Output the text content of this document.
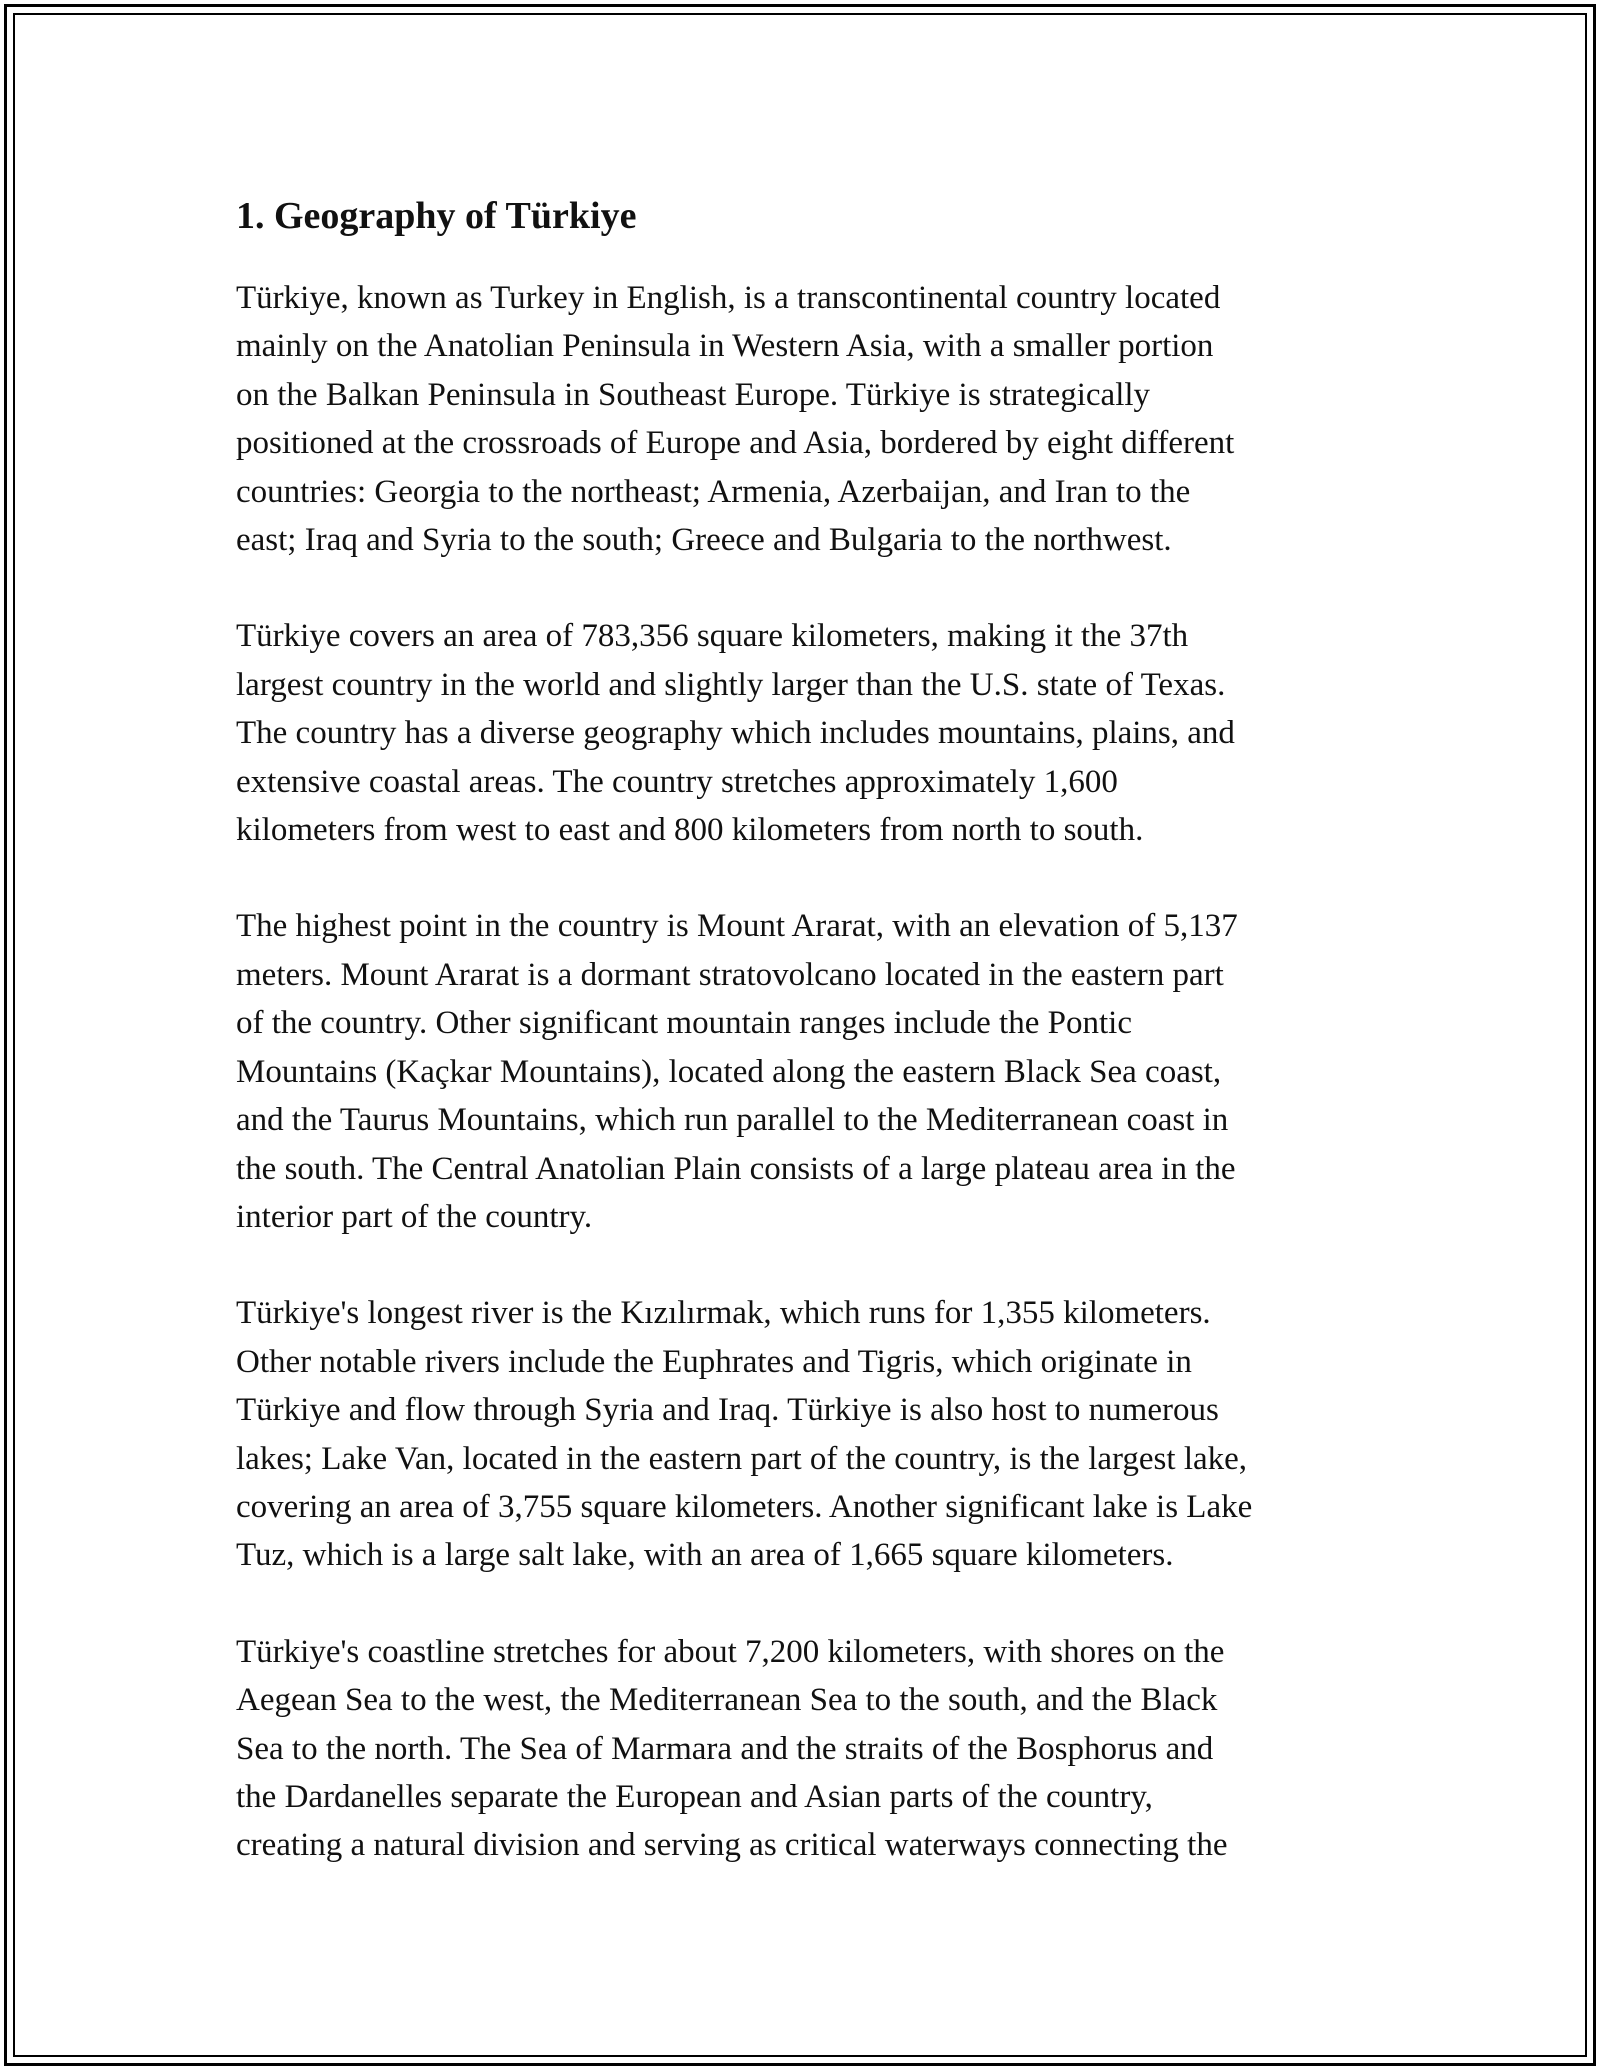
1. Geography of Türkiye

Türkiye, known as Turkey in English, is a transcontinental country located
mainly on the Anatolian Peninsula in Western Asia, with a smaller portion
on the Balkan Peninsula in Southeast Europe. Türkiye is strategically
positioned at the crossroads of Europe and Asia, bordered by eight different
countries: Georgia to the northeast; Armenia, Azerbaijan, and Iran to the
east; Iraq and Syria to the south; Greece and Bulgaria to the northwest.

Türkiye covers an area of 783,356 square kilometers, making it the 37th
largest country in the world and slightly larger than the U.S. state of Texas.
The country has a diverse geography which includes mountains, plains, and
extensive coastal areas. The country stretches approximately 1,600
kilometers from west to east and 800 kilometers from north to south.

The highest point in the country is Mount Ararat, with an elevation of 5,137
meters. Mount Ararat is a dormant stratovolcano located in the eastern part
of the country. Other significant mountain ranges include the Pontic
Mountains (Kaçkar Mountains), located along the eastern Black Sea coast,
and the Taurus Mountains, which run parallel to the Mediterranean coast in
the south. The Central Anatolian Plain consists of a large plateau area in the
interior part of the country.

Türkiye's longest river is the Kızılırmak, which runs for 1,355 kilometers.
Other notable rivers include the Euphrates and Tigris, which originate in
Türkiye and flow through Syria and Iraq. Türkiye is also host to numerous
lakes; Lake Van, located in the eastern part of the country, is the largest lake,
covering an area of 3,755 square kilometers. Another significant lake is Lake
Tuz, which is a large salt lake, with an area of 1,665 square kilometers.

Türkiye's coastline stretches for about 7,200 kilometers, with shores on the
Aegean Sea to the west, the Mediterranean Sea to the south, and the Black
Sea to the north. The Sea of Marmara and the straits of the Bosphorus and
the Dardanelles separate the European and Asian parts of the country,
creating a natural division and serving as critical waterways connecting the
